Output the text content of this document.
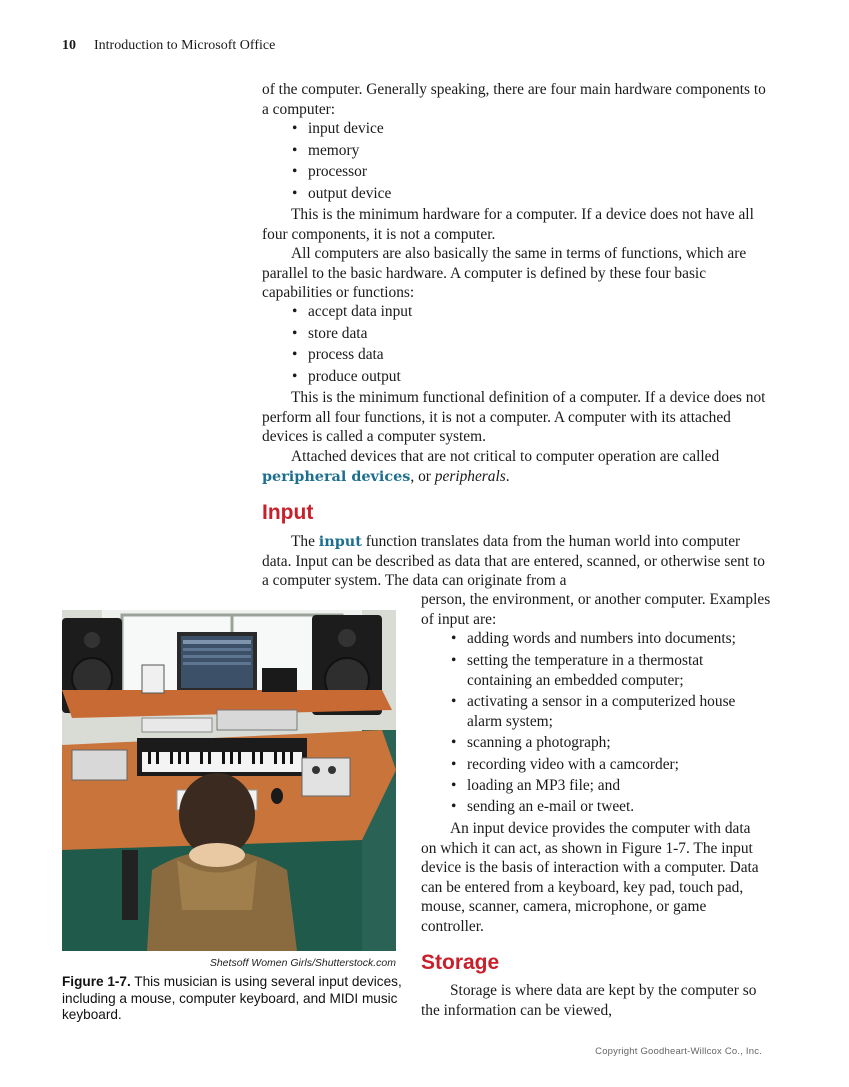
10 Introduction to Microsoft Office

of the computer. Generally speaking, there are four main hardware components to a computer:

• input device
• memory
• processor
• output device

This is the minimum hardware for a computer. If a device does not have all four components, it is not a computer.

All computers are also basically the same in terms of functions, which are parallel to the basic hardware. A computer is defined by these four basic capabilities or functions:

• accept data input
• store data
• process data
• produce output

This is the minimum functional definition of a computer. If a device does not perform all four functions, it is not a computer. A computer with its attached devices is called a computer system.

Attached devices that are not critical to computer operation are called peripheral devices, or peripherals.

Input

The input function translates data from the human world into computer data. Input can be described as data that are entered, scanned, or otherwise sent to a computer system. The data can originate from a

person, the environment, or another computer. Examples of input are:

• adding words and numbers into documents;
• setting the temperature in a thermostat containing an embedded computer;
• activating a sensor in a computerized house alarm system;
• scanning a photograph;
• recording video with a camcorder;
• loading an MP3 file; and
• sending an e-mail or tweet.

An input device provides the computer with data on which it can act, as shown in Figure 1-7. The input device is the basis of interaction with a computer. Data can be entered from a keyboard, key pad, touch pad, mouse, scanner, camera, microphone, or game controller.

Storage

Storage is where data are kept by the computer so the information can be viewed,

Shetsoff Women Girls/Shutterstock.com

Figure 1-7. This musician is using several input devices, including a mouse, computer keyboard, and MIDI music keyboard.

Copyright Goodheart-Willcox Co., Inc.
